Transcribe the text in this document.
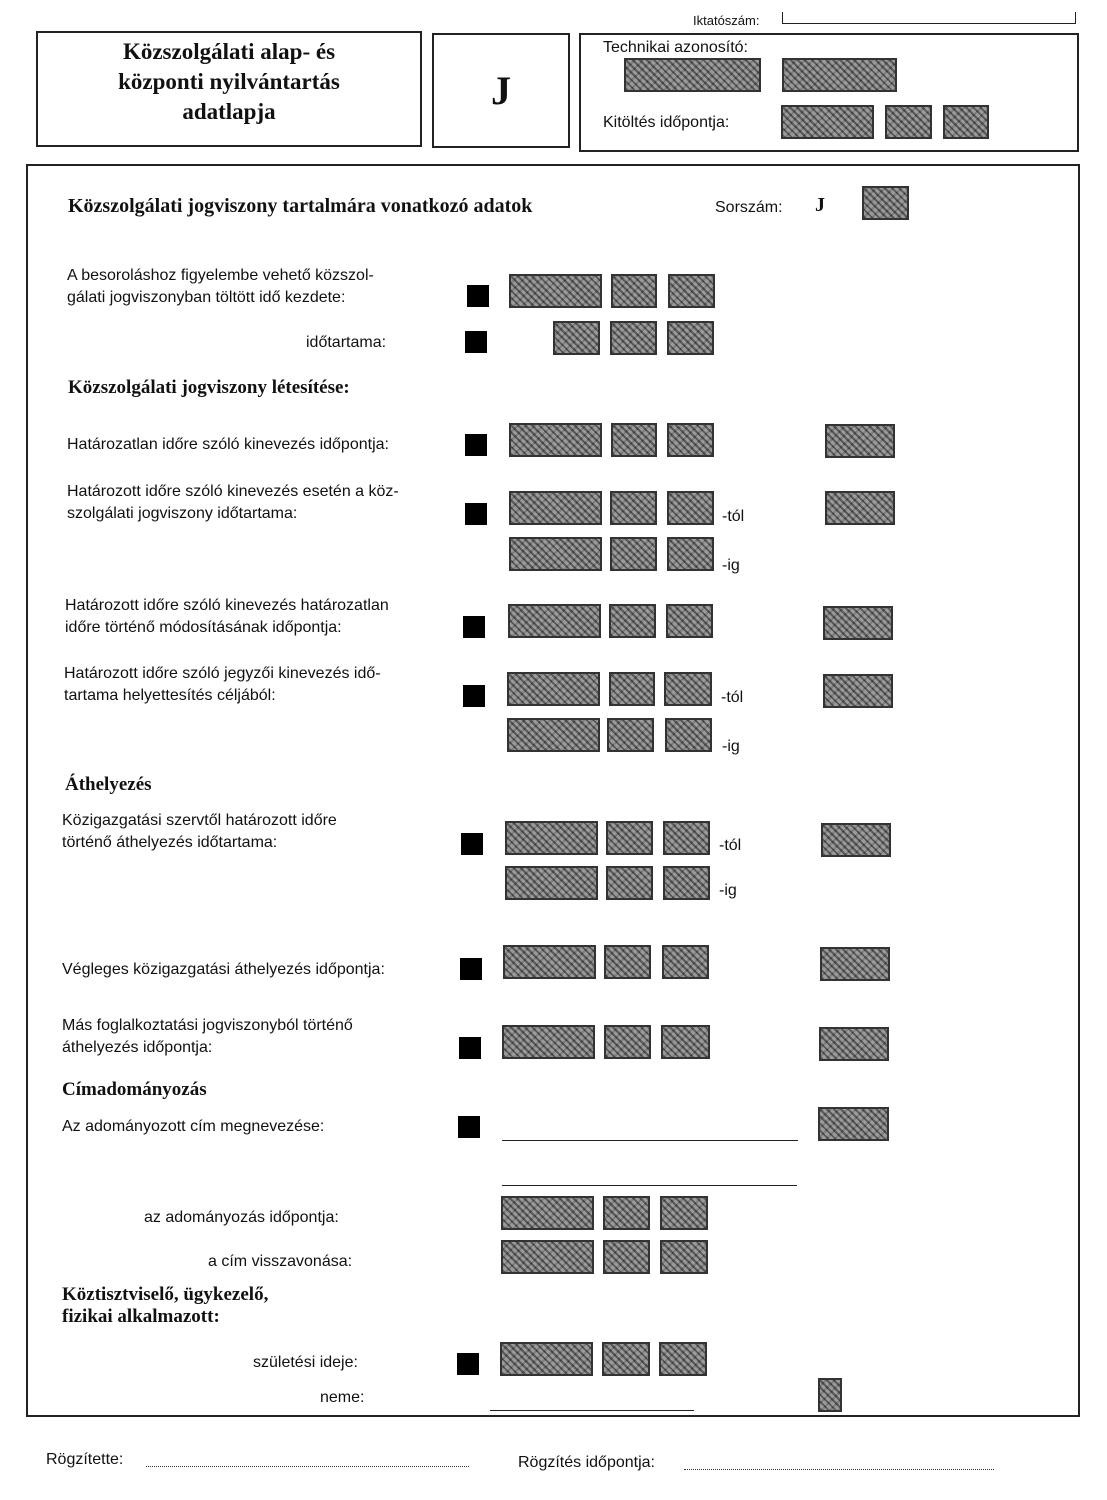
Iktatószám:
Közszolgálati alap- és
központi nyilvántartás
adatlapja	J
Technikai azonosító:
Kitöltés időpontja:
Közszolgálati jogviszony tartalmára vonatkozó adatok	Sorszám: J
A besoroláshoz figyelembe vehető közszol-
gálati jogviszonyban töltött idő kezdete:
időtartama:
Közszolgálati jogviszony létesítése:
Határozatlan időre szóló kinevezés időpontja:
Határozott időre szóló kinevezés esetén a köz-
szolgálati jogviszony időtartama:	-tól
-ig
Határozott időre szóló kinevezés határozatlan
időre történő módosításának időpontja:
Határozott időre szóló jegyzői kinevezés idő-
tartama helyettesítés céljából:	-tól
-ig
Áthelyezés
Közigazgatási szervtől határozott időre
történő áthelyezés időtartama:	-tól
-ig
Végleges közigazgatási áthelyezés időpontja:
Más foglalkoztatási jogviszonyból történő
áthelyezés időpontja:
Címadományozás
Az adományozott cím megnevezése:
az adományozás időpontja:
a cím visszavonása:
Köztisztviselő, ügykezelő,
fizikai alkalmazott:
születési ideje:
neme:
Rögzítette:	Rögzítés időpontja:
